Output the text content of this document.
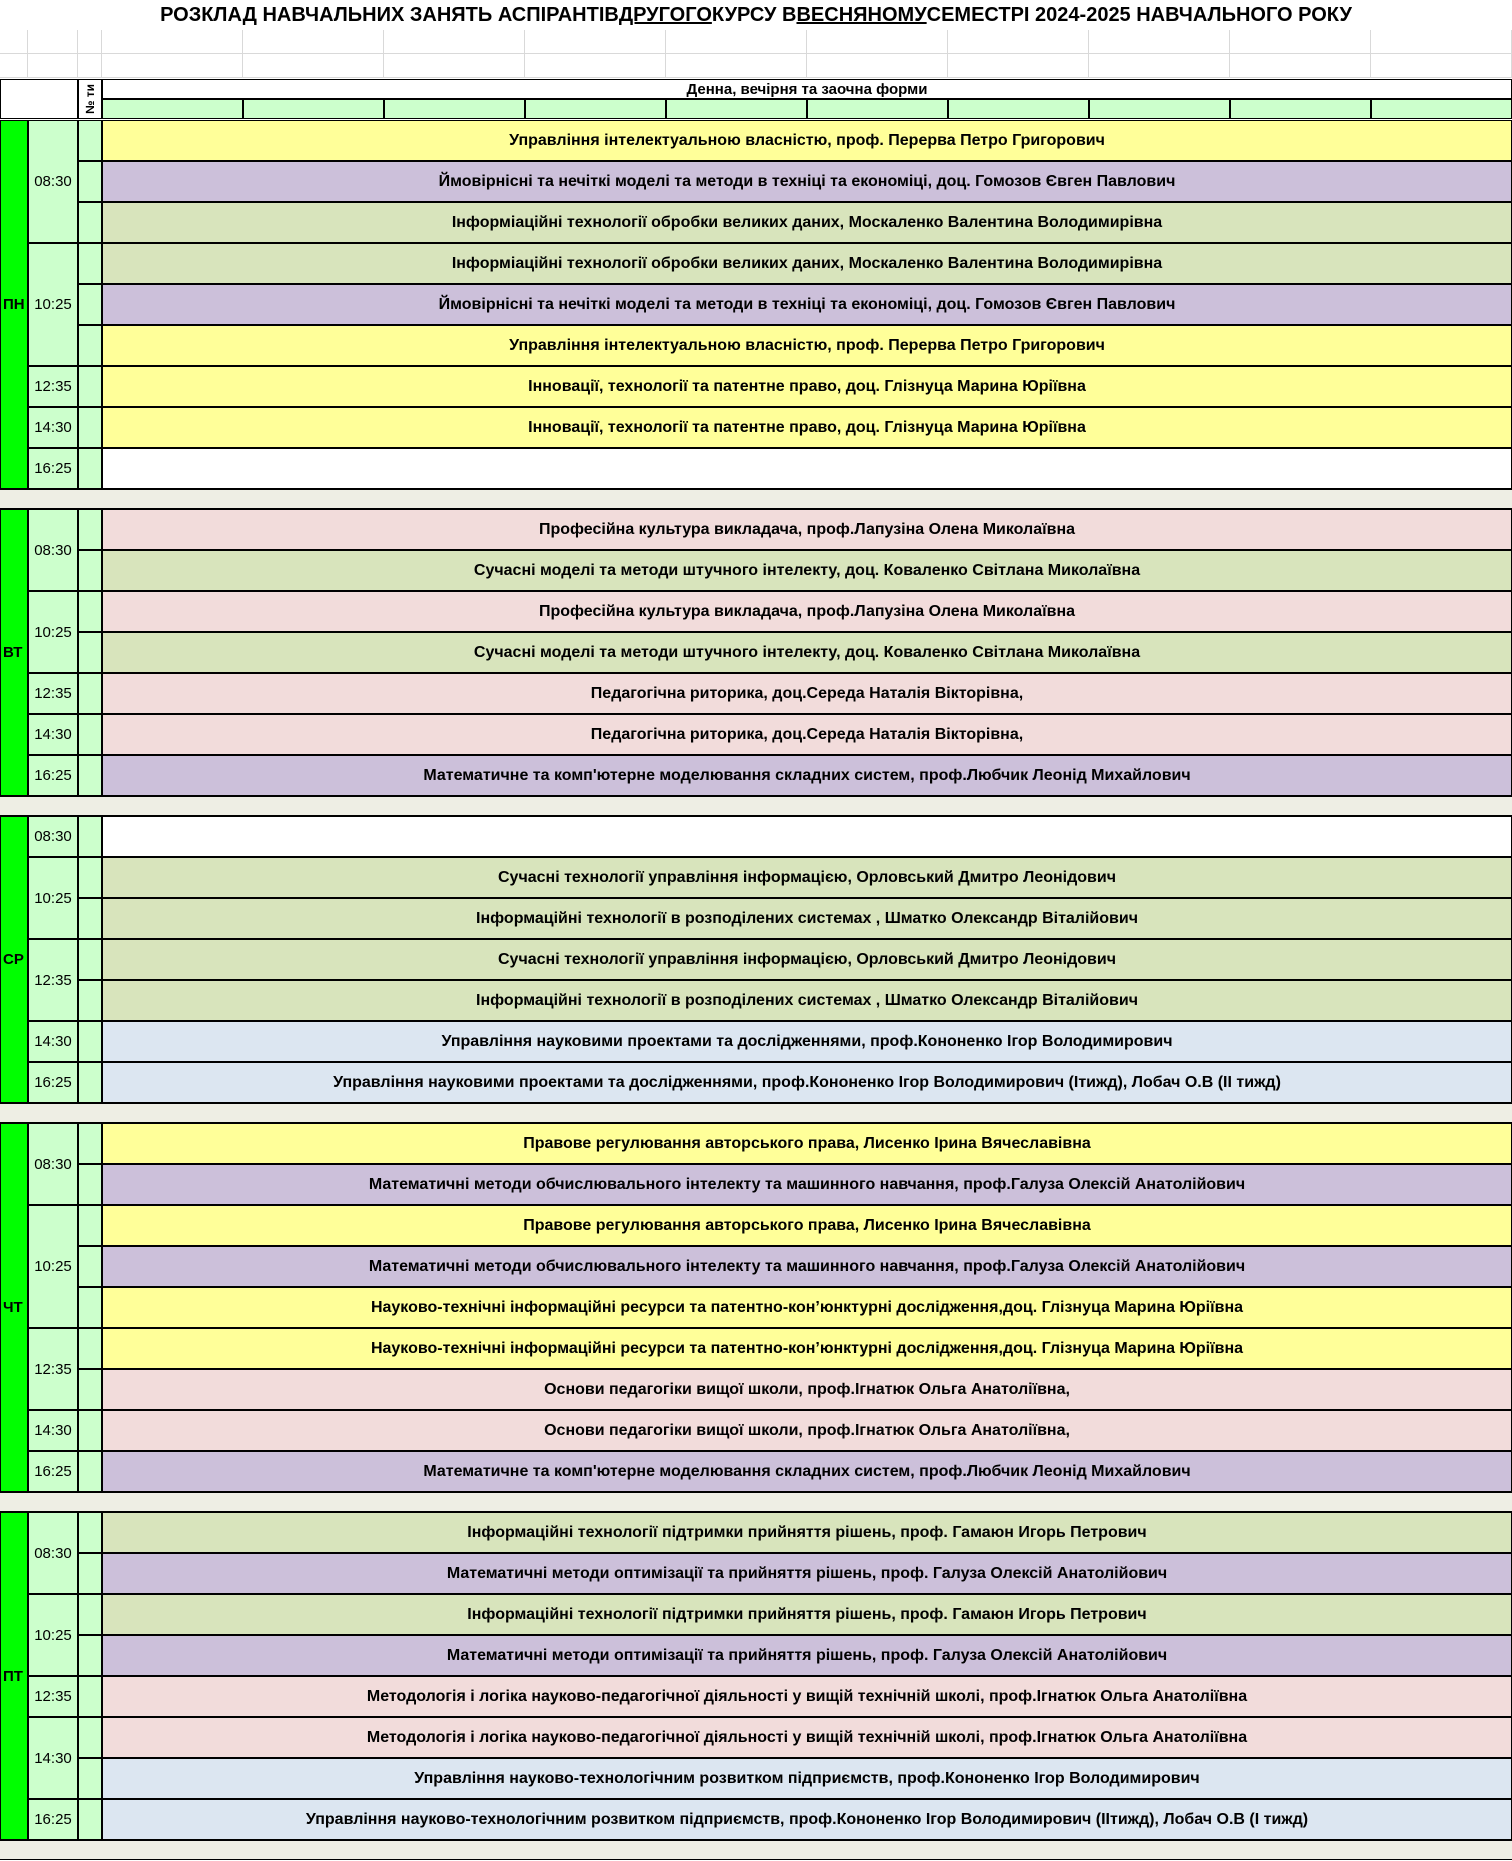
РОЗКЛАД НАВЧАЛЬНИХ ЗАНЯТЬ АСПІРАНТІВ ДРУГОГО КУРСУ В ВЕСНЯНОМУ СЕМЕСТРІ 2024-2025 НАВЧАЛЬНОГО РОКУ
№ ти	Денна, вечірня та заочна форми
ПН
08:30
10:25
12:35
14:30
16:25
Управління інтелектуальною власністю, проф. Перерва Петро Григорович
Ймовірнісні та нечіткі моделі та методи в техніці та економіці, доц. Гомозов Євген Павлович
Інформіаційні технології обробки великих даних, Москаленко Валентина Володимирівна
Інформіаційні технології обробки великих даних, Москаленко Валентина Володимирівна
Ймовірнісні та нечіткі моделі та методи в техніці та економіці, доц. Гомозов Євген Павлович
Управління інтелектуальною власністю, проф. Перерва Петро Григорович
Інновації, технології та патентне право, доц. Глізнуца Марина Юріївна
Інновації, технології та патентне право, доц. Глізнуца Марина Юріївна
ВТ
08:30
10:25
12:35
14:30
16:25
Професійна культура викладача, проф.Лапузіна Олена Миколаївна
Сучасні моделі та методи штучного інтелекту, доц. Коваленко Світлана Миколаївна
Професійна культура викладача, проф.Лапузіна Олена Миколаївна
Сучасні моделі та методи штучного інтелекту, доц. Коваленко Світлана Миколаївна
Педагогічна риторика, доц.Середа Наталія Вікторівна,
Педагогічна риторика, доц.Середа Наталія Вікторівна,
Математичне та комп'ютерне моделювання складних систем, проф.Любчик Леонід Михайлович
СР
08:30
10:25
12:35
14:30
16:25
Сучасні технології управління інформацією, Орловський Дмитро Леонідович
Інформаційні технології в розподілених системах , Шматко Олександр Віталійович
Сучасні технології управління інформацією, Орловський Дмитро Леонідович
Інформаційні технології в розподілених системах , Шматко Олександр Віталійович
Управління науковими проектами та дослідженнями, проф.Кононенко Ігор Володимирович
Управління науковими проектами та дослідженнями, проф.Кононенко Ігор Володимирович (Ітижд), Лобач О.В (ІІ тижд)
ЧТ
08:30
10:25
12:35
14:30
16:25
Правове регулювання авторського права, Лисенко Ірина Вячеславівна
Математичні методи обчислювального інтелекту та машинного навчання, проф.Галуза Олексій Анатолійович
Правове регулювання авторського права, Лисенко Ірина Вячеславівна
Математичні методи обчислювального інтелекту та машинного навчання, проф.Галуза Олексій Анатолійович
Науково-технічні інформаційні ресурси та патентно-кон’юнктурні дослідження,доц. Глізнуца Марина Юріївна
Науково-технічні інформаційні ресурси та патентно-кон’юнктурні дослідження,доц. Глізнуца Марина Юріївна
Основи педагогіки вищої школи, проф.Ігнатюк Ольга Анатоліївна,
Основи педагогіки вищої школи, проф.Ігнатюк Ольга Анатоліївна,
Математичне та комп'ютерне моделювання складних систем, проф.Любчик Леонід Михайлович
ПТ
08:30
10:25
12:35
14:30
16:25
Інформаційні технології підтримки прийняття рішень, проф. Гамаюн Игорь Петрович
Математичні методи оптимізації та прийняття рішень, проф. Галуза Олексій Анатолійович
Інформаційні технології підтримки прийняття рішень, проф. Гамаюн Игорь Петрович
Математичні методи оптимізації та прийняття рішень, проф. Галуза Олексій Анатолійович
Методологія і логіка науково-педагогічної діяльності у вищій технічній школі, проф.Ігнатюк Ольга Анатоліївна
Методологія і логіка науково-педагогічної діяльності у вищій технічній школі, проф.Ігнатюк Ольга Анатоліївна
Управління науково-технологічним розвитком підприємств, проф.Кононенко Ігор Володимирович
Управління науково-технологічним розвитком підприємств, проф.Кононенко Ігор Володимирович (ІІтижд), Лобач О.В (І тижд)
